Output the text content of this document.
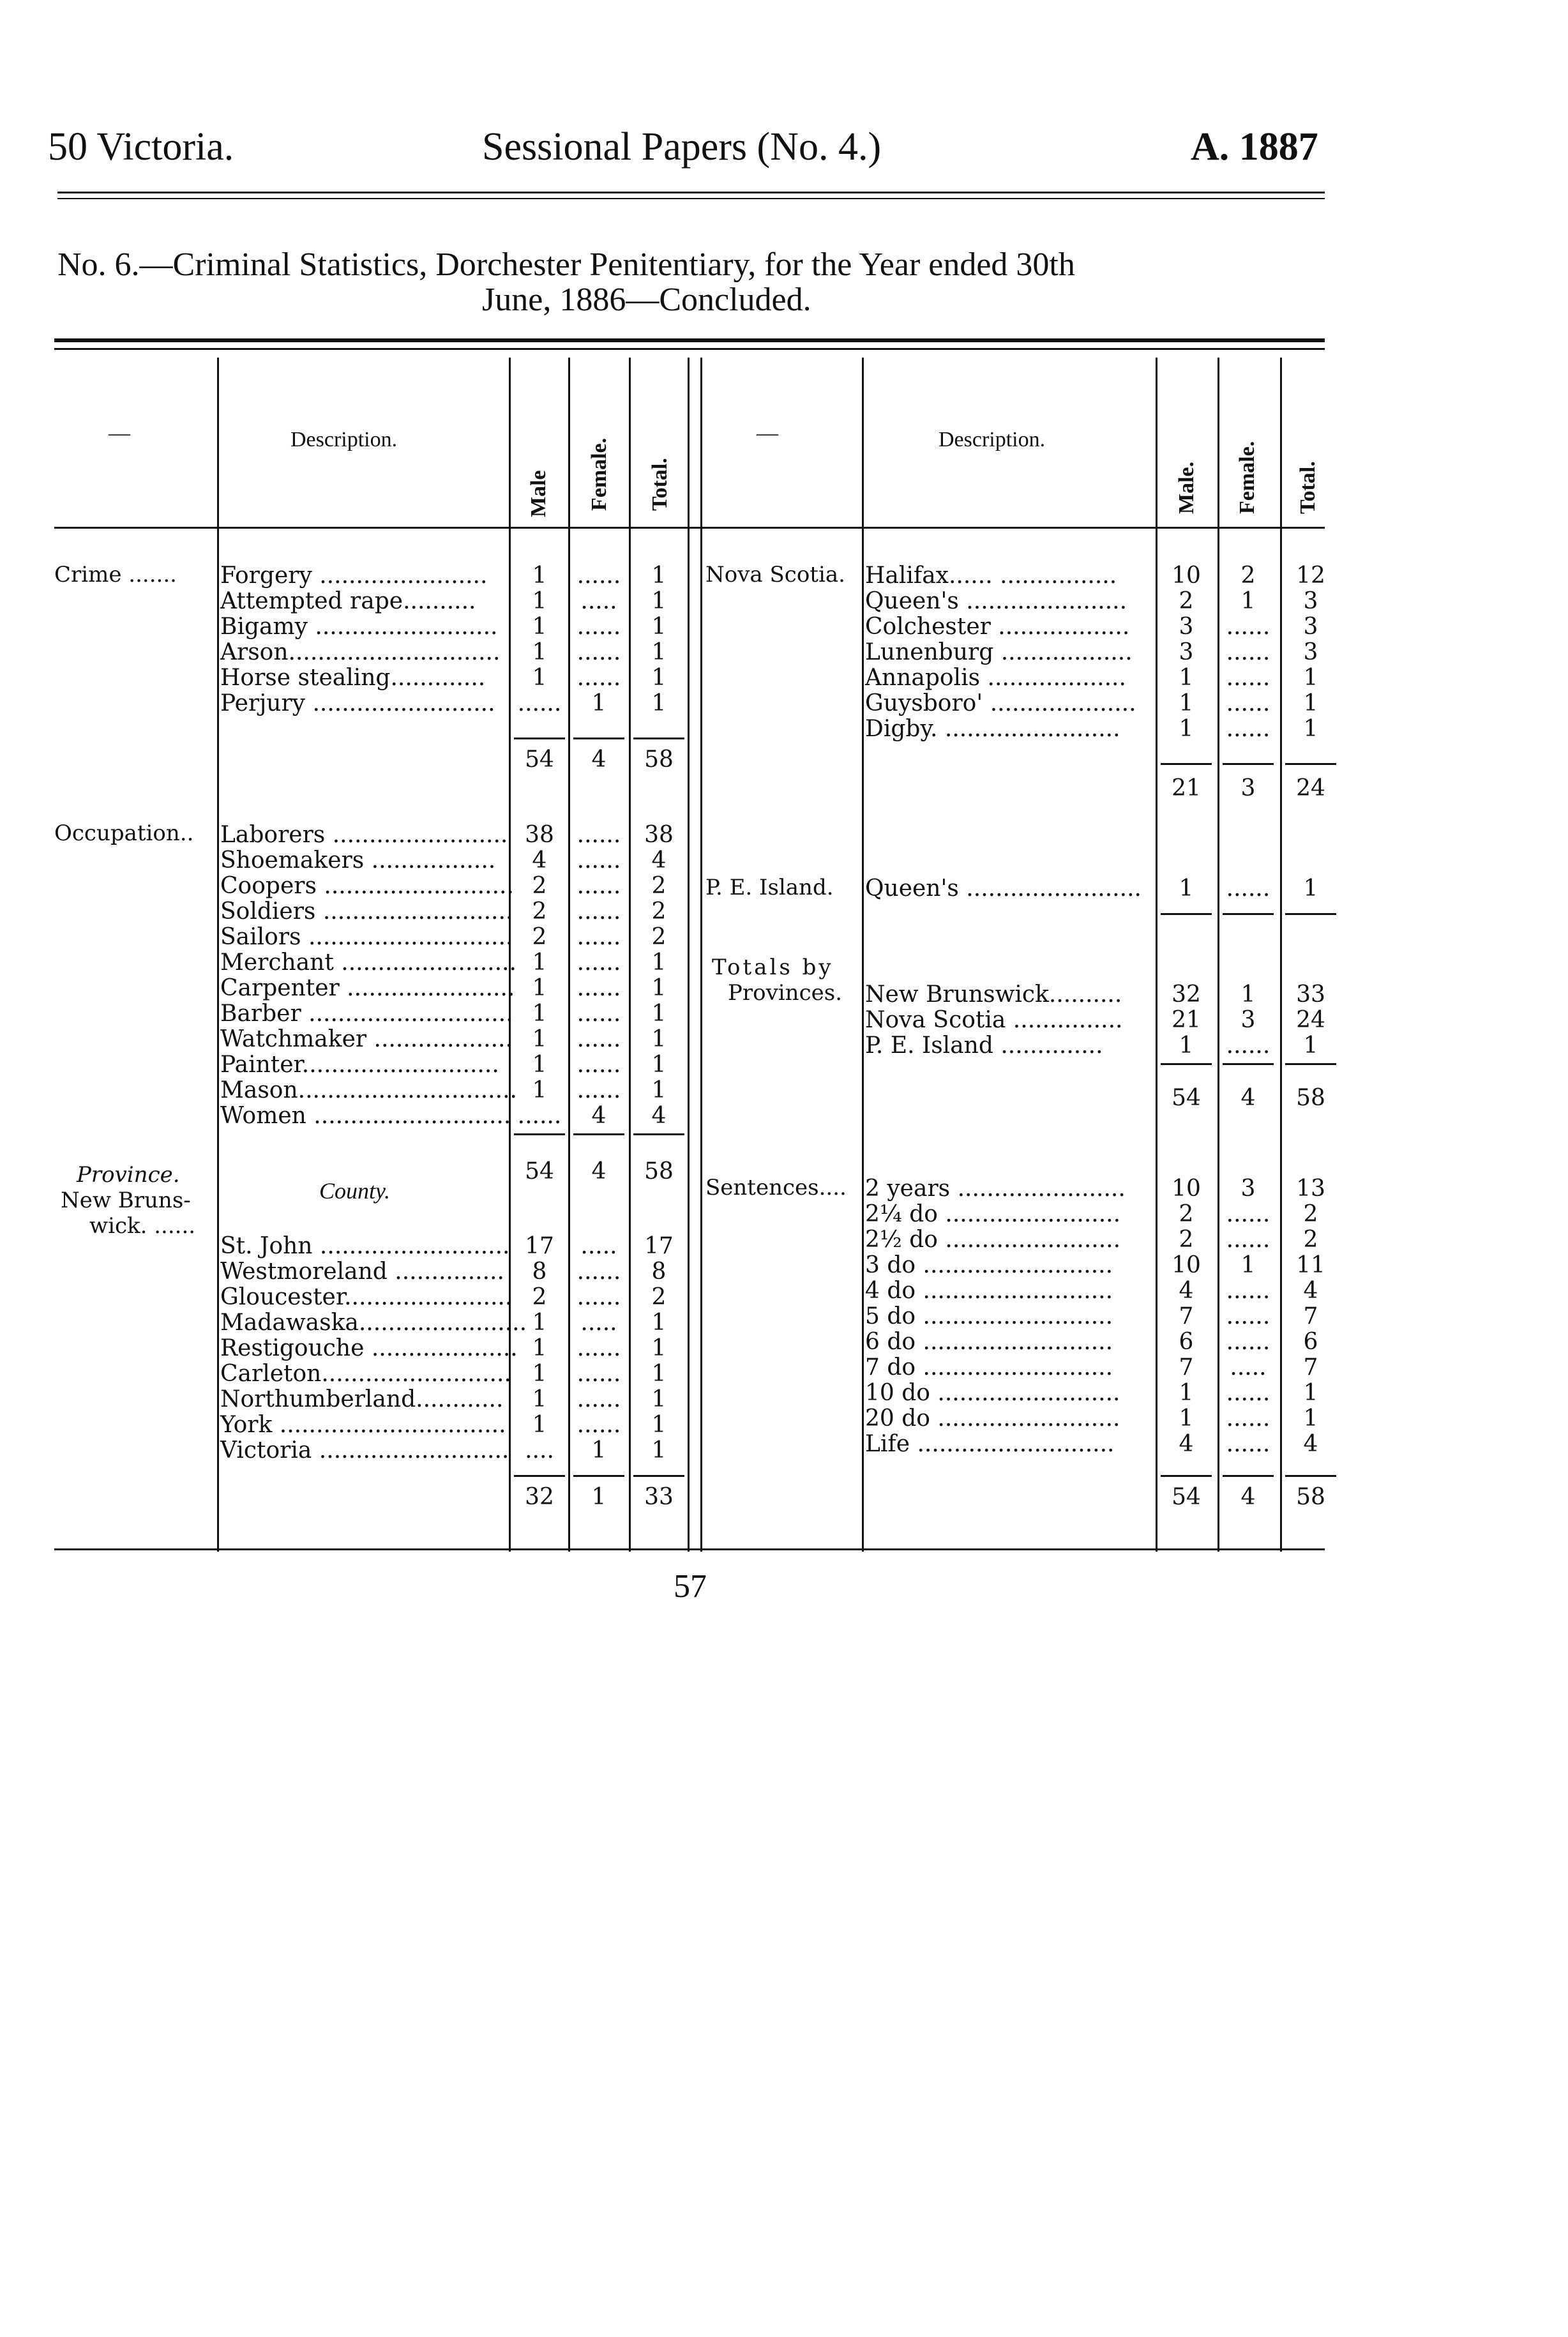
50 Victoria.	Sessional Papers (No. 4.)	A. 1887
No. 6.—Criminal Statistics, Dorchester Penitentiary, for the Year ended 30th
June, 1886—Concluded.
—	Description.
Male Female. Total.
—	Description.
Male. Female. Total.
Crime ....... Forgery .......................	1	......	1
Attempted rape..........	1	.....	1
Bigamy .........................	1	......	1
Arson.............................	1	......	1
Horse stealing.............	1	......	1
Perjury ......................... ......	1	1
54	4	58
Occupation.. Laborers ........................ 38 ......	38
Shoemakers .................	4	......	4
Coopers .......................... 2	......	2
Soldiers .......................... 2	......	2
Sailors ............................ 2	......	2
Merchant ........................ 1	......	1
Carpenter ....................... 1	......	1
Barber ............................ 1	......	1
Watchmaker ................... 1	......	1
Painter...........................	1	......	1
Mason.............................. 1	......	1
Women ........................... ......	4	4
54	4	58
Province.
New Bruns-
wick. ......
County.
St. John .......................... 17	.....	17
Westmoreland ...............	8	......	8
Gloucester....................... 2	......	2
Madawaska....................... 1	.....	1
Restigouche .................... 1	......	1
Carleton.......................... 1	......	1
Northumberland............	1	......	1
York ...............................	1	......	1
Victoria .......................... ....	1	1
32	1	33
Nova Scotia. Halifax...... ................	10	2	12
Queen's ......................	2	1	3
Colchester ..................	3	......	3
Lunenburg ..................	3	......	3
Annapolis ...................	1	......	1
Guysboro' ....................	1	......	1
Digby. ........................	1	......	1
21	3	24
P. E. Island. Queen's ........................	1	......	1
Totals by
Provinces. New Brunswick..........	32	1	33
Nova Scotia ...............	21	3	24
P. E. Island ..............	1	......	1
54	4	58
Sentences.... 2 years .......................	10	3	13
2¼ do ........................	2	......	2
2½ do ........................	2	......	2
3 do ..........................	10	1	11
4 do ..........................	4	......	4
5 do ..........................	7	......	7
6 do ..........................	6	......	6
7 do ..........................	7	.....	7
10 do .........................	1	......	1
20 do .........................	1	......	1
Life ...........................	4	......	4
54	4	58
57
